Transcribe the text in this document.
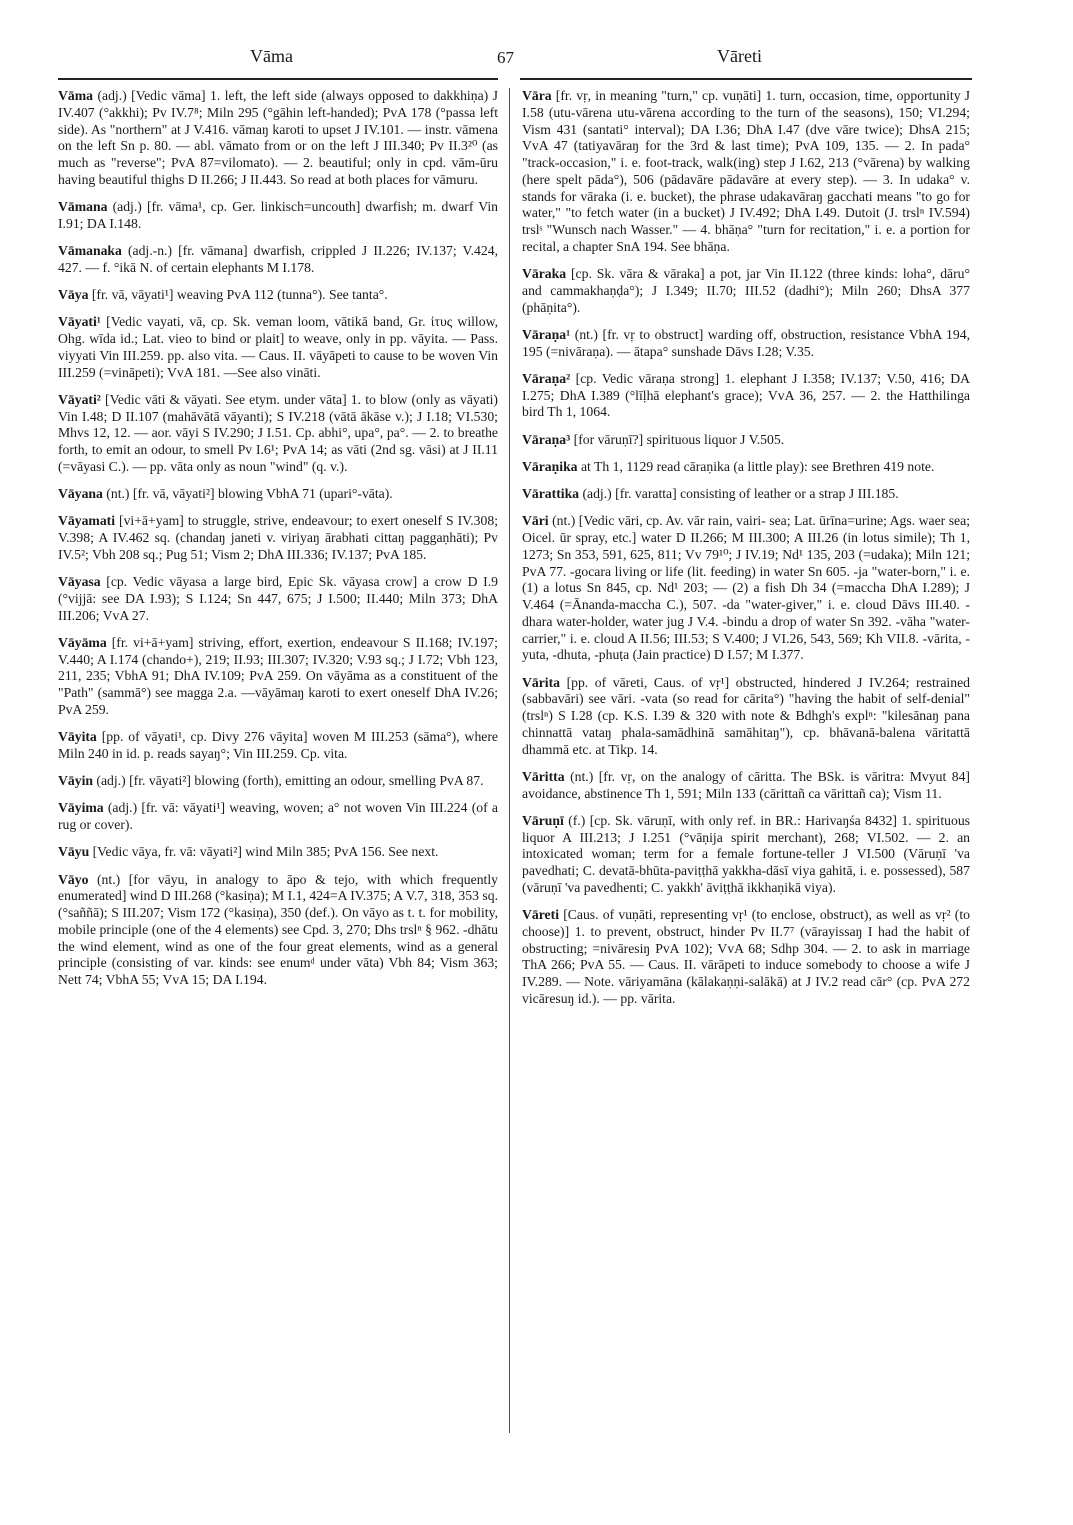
Vāma	67	Vāreti

Vāma (adj.) [Vedic vāma] 1. left, the left side (always opposed to dakkhiṇa) J IV.407 (°akkhi); Pv IV.7⁸; Miln 295 (°gāhin left-handed); PvA 178 (°passa left side). As "northern" at J V.416. vāmaŋ karoti to upset J IV.101. — instr. vāmena on the left Sn p. 80. — abl. vāmato from or on the left J III.340; Pv II.3²⁰ (as much as "reverse"; PvA 87=vilomato). — 2. beautiful; only in cpd. vām-ūru having beautiful thighs D II.266; J II.443. So read at both places for vāmuru.

Vāmana (adj.) [fr. vāma¹, cp. Ger. linkisch=uncouth] dwarfish; m. dwarf Vin I.91; DA I.148.

Vāmanaka (adj.-n.) [fr. vāmana] dwarfish, crippled J II.226; IV.137; V.424, 427. — f. °ikā N. of certain elephants M I.178.

Vāya [fr. vā, vāyati¹] weaving PvA 112 (tunna°). See tanta°.

Vāyati¹ [Vedic vayati, vā, cp. Sk. veman loom, vātikā band, Gr. ἰτυς willow, Ohg. wīda id.; Lat. vieo to bind or plait] to weave, only in pp. vāyita. — Pass. viyyati Vin III.259. pp. also vita. — Caus. II. vāyāpeti to cause to be woven Vin III.259 (=vināpeti); VvA 181. —See also vināti.

Vāyati² [Vedic vāti & vāyati. See etym. under vāta] 1. to blow (only as vāyati) Vin I.48; D II.107 (mahāvātā vāyanti); S IV.218 (vātā ākāse v.); J I.18; VI.530; Mhvs 12, 12. — aor. vāyi S IV.290; J I.51. Cp. abhi°, upa°, pa°. — 2. to breathe forth, to emit an odour, to smell Pv I.6¹; PvA 14; as vāti (2nd sg. vāsi) at J II.11 (=vāyasi C.). — pp. vāta only as noun "wind" (q. v.).

Vāyana (nt.) [fr. vā, vāyati²] blowing VbhA 71 (upari°-vāta).

Vāyamati [vi+ā+yam] to struggle, strive, endeavour; to exert oneself S IV.308; V.398; A IV.462 sq. (chandaŋ janeti v. viriyaŋ ārabhati cittaŋ paggaṇhāti); Pv IV.5²; Vbh 208 sq.; Pug 51; Vism 2; DhA III.336; IV.137; PvA 185.

Vāyasa [cp. Vedic vāyasa a large bird, Epic Sk. vāyasa crow] a crow D I.9 (°vijjā: see DA I.93); S I.124; Sn 447, 675; J I.500; II.440; Miln 373; DhA III.206; VvA 27.

Vāyāma [fr. vi+ā+yam] striving, effort, exertion, endeavour S II.168; IV.197; V.440; A I.174 (chando+), 219; II.93; III.307; IV.320; V.93 sq.; J I.72; Vbh 123, 211, 235; VbhA 91; DhA IV.109; PvA 259. On vāyāma as a constituent of the "Path" (sammā°) see magga 2.a. —vāyāmaŋ karoti to exert oneself DhA IV.26; PvA 259.

Vāyita [pp. of vāyati¹, cp. Divy 276 vāyita] woven M III.253 (sāma°), where Miln 240 in id. p. reads sayaŋ°; Vin III.259. Cp. vita.

Vāyin (adj.) [fr. vāyati²] blowing (forth), emitting an odour, smelling PvA 87.

Vāyima (adj.) [fr. vā: vāyati¹] weaving, woven; a° not woven Vin III.224 (of a rug or cover).

Vāyu [Vedic vāya, fr. vā: vāyati²] wind Miln 385; PvA 156. See next.

Vāyo (nt.) [for vāyu, in analogy to āpo & tejo, with which frequently enumerated] wind D III.268 (°kasiṇa); M I.1, 424=A IV.375; A V.7, 318, 353 sq. (°saññā); S III.207; Vism 172 (°kasiṇa), 350 (def.). On vāyo as t. t. for mobility, mobile principle (one of the 4 elements) see Cpd. 3, 270; Dhs trslⁿ § 962. -dhātu the wind element, wind as one of the four great elements, wind as a general principle (consisting of var. kinds: see enumᵈ under vāta) Vbh 84; Vism 363; Nett 74; VbhA 55; VvA 15; DA I.194.

Vāra [fr. vṛ, in meaning "turn," cp. vuṇāti] 1. turn, occasion, time, opportunity J I.58 (utu-vārena utu-vārena according to the turn of the seasons), 150; VI.294; Vism 431 (santati° interval); DA I.36; DhA I.47 (dve vāre twice); DhsA 215; VvA 47 (tatiyavāraŋ for the 3rd & last time); PvA 109, 135. — 2. In pada° "track-occasion," i. e. foot-track, walk(ing) step J I.62, 213 (°vārena) by walking (here spelt pāda°), 506 (pādavāre pādavāre at every step). — 3. In udaka° v. stands for vāraka (i. e. bucket), the phrase udakavāraŋ gacchati means "to go for water," "to fetch water (in a bucket) J IV.492; DhA I.49. Dutoit (J. trslⁿ IV.594) trslˢ "Wunsch nach Wasser." — 4. bhāṇa° "turn for recitation," i. e. a portion for recital, a chapter SnA 194. See bhāṇa.

Vāraka [cp. Sk. vāra & vāraka] a pot, jar Vin II.122 (three kinds: loha°, dāru° and cammakhaṇḍa°); J I.349; II.70; III.52 (dadhi°); Miln 260; DhsA 377 (phāṇita°).

Vāraṇa¹ (nt.) [fr. vṛ to obstruct] warding off, obstruction, resistance VbhA 194, 195 (=nivāraṇa). — ātapa° sunshade Dāvs I.28; V.35.

Vāraṇa² [cp. Vedic vāraṇa strong] 1. elephant J I.358; IV.137; V.50, 416; DA I.275; DhA I.389 (°līḷhā elephant's grace); VvA 36, 257. — 2. the Hatthilinga bird Th 1, 1064.

Vāraṇa³ [for vāruṇī?] spirituous liquor J V.505.

Vāraṇika at Th 1, 1129 read cāraṇika (a little play): see Brethren 419 note.

Vārattika (adj.) [fr. varatta] consisting of leather or a strap J III.185.

Vāri (nt.) [Vedic vāri, cp. Av. vār rain, vairi- sea; Lat. ūrīna=urine; Ags. waer sea; Oicel. ūr spray, etc.] water D II.266; M III.300; A III.26 (in lotus simile); Th 1, 1273; Sn 353, 591, 625, 811; Vv 79¹⁰; J IV.19; Nd¹ 135, 203 (=udaka); Miln 121; PvA 77. -gocara living or life (lit. feeding) in water Sn 605. -ja "water-born," i. e. (1) a lotus Sn 845, cp. Nd¹ 203; — (2) a fish Dh 34 (=maccha DhA I.289); J V.464 (=Ānanda-maccha C.), 507. -da "water-giver," i. e. cloud Dāvs III.40. -dhara water-holder, water jug J V.4. -bindu a drop of water Sn 392. -vāha "water-carrier," i. e. cloud A II.56; III.53; S V.400; J VI.26, 543, 569; Kh VII.8. -vārita, -yuta, -dhuta, -phuṭa (Jain practice) D I.57; M I.377.

Vārita [pp. of vāreti, Caus. of vṛ¹] obstructed, hindered J IV.264; restrained (sabbavāri) see vāri. -vata (so read for cārita°) "having the habit of self-denial" (trslⁿ) S I.28 (cp. K.S. I.39 & 320 with note & Bdhgh's explⁿ: "kilesānaŋ pana chinnattā vataŋ phala-samādhinā samāhitaŋ"), cp. bhāvanā-balena vāritattā dhammā etc. at Tikp. 14.

Vāritta (nt.) [fr. vṛ, on the analogy of cāritta. The BSk. is vāritra: Mvyut 84] avoidance, abstinence Th 1, 591; Miln 133 (cārittañ ca vārittañ ca); Vism 11.

Vāruṇī (f.) [cp. Sk. vāruṇī, with only ref. in BR.: Harivaŋśa 8432] 1. spirituous liquor A III.213; J I.251 (°vāṇija spirit merchant), 268; VI.502. — 2. an intoxicated woman; term for a female fortune-teller J VI.500 (Vāruṇī 'va pavedhati; C. devatā-bhūta-paviṭṭhā yakkha-dāsī viya gahitā, i. e. possessed), 587 (vāruṇī 'va pavedhenti; C. yakkh' āviṭṭhā ikkhaṇikā viya).

Vāreti [Caus. of vuṇāti, representing vṛ¹ (to enclose, obstruct), as well as vṛ² (to choose)] 1. to prevent, obstruct, hinder Pv II.7⁷ (vārayissaŋ I had the habit of obstructing; =nivāresiŋ PvA 102); VvA 68; Sdhp 304. — 2. to ask in marriage ThA 266; PvA 55. — Caus. II. vārāpeti to induce somebody to choose a wife J IV.289. — Note. vāriyamāna (kālakaṇṇi-salākā) at J IV.2 read cār° (cp. PvA 272 vicāresuŋ id.). — pp. vārita.
